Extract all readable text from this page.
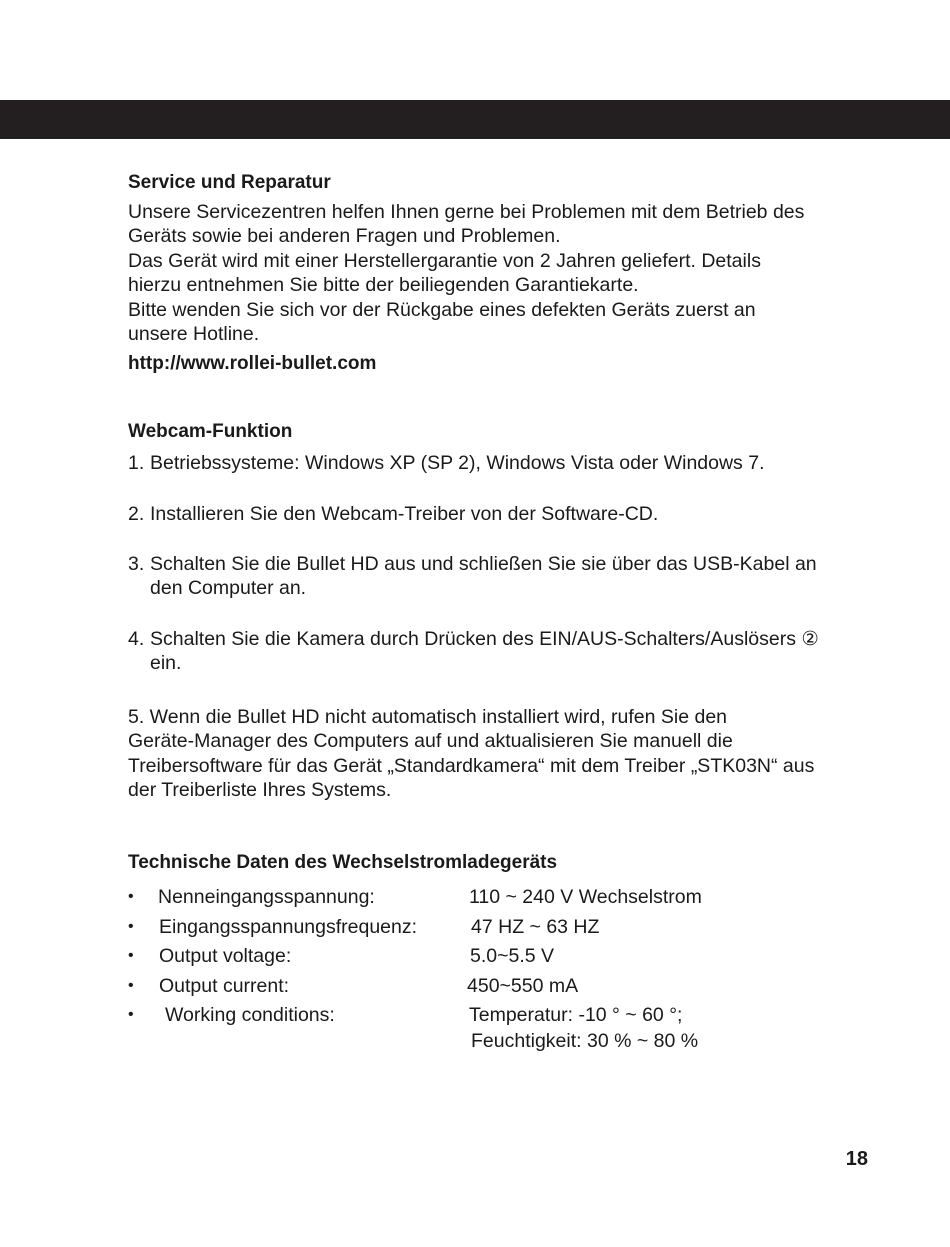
Service und Reparatur
Unsere Servicezentren helfen Ihnen gerne bei Problemen mit dem Betrieb des
Geräts sowie bei anderen Fragen und Problemen.
Das Gerät wird mit einer Herstellergarantie von 2 Jahren geliefert. Details
hierzu entnehmen Sie bitte der beiliegenden Garantiekarte.
Bitte wenden Sie sich vor der Rückgabe eines defekten Geräts zuerst an
unsere Hotline.
http://www.rollei-bullet.com
Webcam-Funktion
1. Betriebssysteme: Windows XP (SP 2), Windows Vista oder Windows 7.
2. Installieren Sie den Webcam-Treiber von der Software-CD.
3. Schalten Sie die Bullet HD aus und schließen Sie sie über das USB-Kabel an
den Computer an.
4. Schalten Sie die Kamera durch Drücken des EIN/AUS-Schalters/Auslösers ②
ein.
5. Wenn die Bullet HD nicht automatisch installiert wird, rufen Sie den
Geräte-Manager des Computers auf und aktualisieren Sie manuell die
Treibersoftware für das Gerät „Standardkamera“ mit dem Treiber „STK03N“ aus
der Treiberliste Ihres Systems.
Technische Daten des Wechselstromladegeräts
• Nenneingangsspannung:	110 ~ 240 V Wechselstrom
• Eingangsspannungsfrequenz:	47 HZ ~ 63 HZ
• Output voltage:	5.0~5.5 V
• Output current:	450~550 mA
• Working conditions:	Temperatur: -10 ° ~ 60 °;
Feuchtigkeit: 30 % ~ 80 %
18
